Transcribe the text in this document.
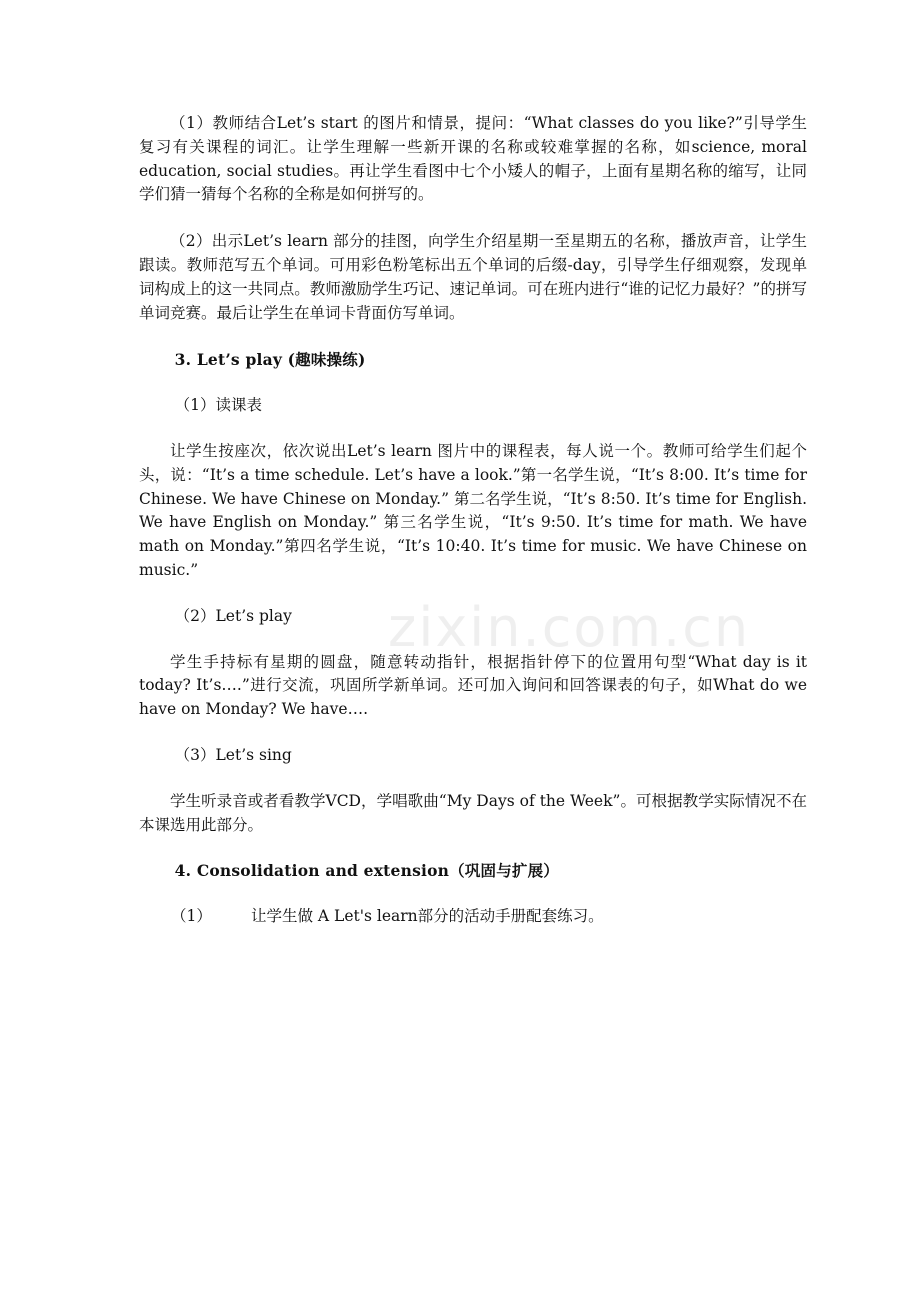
（1）教师结合Let’s start 的图片和情景，提问：“What classes do you like?”引导学生复习有关课程的词汇。让学生理解一些新开课的名称或较难掌握的名称，如science, moral education, social studies。再让学生看图中七个小矮人的帽子，上面有星期名称的缩写，让同学们猜一猜每个名称的全称是如何拼写的。

（2）出示Let’s learn 部分的挂图，向学生介绍星期一至星期五的名称，播放声音，让学生跟读。教师范写五个单词。可用彩色粉笔标出五个单词的后缀-day，引导学生仔细观察，发现单词构成上的这一共同点。教师激励学生巧记、速记单词。可在班内进行“谁的记忆力最好？”的拼写单词竞赛。最后让学生在单词卡背面仿写单词。

3. Let’s play (趣味操练)

（1）读课表

让学生按座次，依次说出Let’s learn 图片中的课程表，每人说一个。教师可给学生们起个头，说：“It’s a time schedule. Let’s have a look.”第一名学生说，“It’s 8:00. It’s time for Chinese. We have Chinese on Monday.” 第二名学生说，“It’s 8:50. It’s time for English. We have English on Monday.” 第三名学生说，“It’s 9:50. It’s time for math. We have math on Monday.”第四名学生说，“It’s 10:40. It’s time for music. We have Chinese on music.”

（2）Let’s play

学生手持标有星期的圆盘，随意转动指针，根据指针停下的位置用句型“What day is it today? It’s….”进行交流，巩固所学新单词。还可加入询问和回答课表的句子，如What do we have on Monday? We have….

（3）Let’s sing

学生听录音或者看教学VCD，学唱歌曲“My Days of the Week”。可根据教学实际情况不在本课选用此部分。

4. Consolidation and extension（巩固与扩展）

（1）	让学生做 A Let's learn部分的活动手册配套练习。

zixin.com.cn
